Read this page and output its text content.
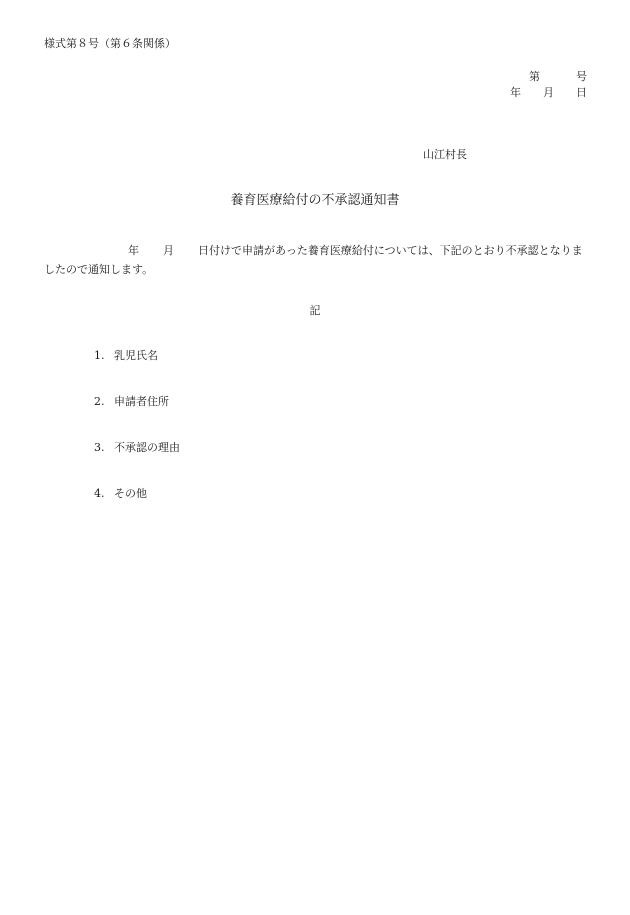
様式第８号（第６条関係）
第	号
年 月 日
山江村長
養育医療給付の不承認通知書
年 月 日付けで申請があった養育医療給付については、下記のとおり不承認となりましたので通知します。
記
1. 乳児氏名
2. 申請者住所
3. 不承認の理由
4. その他
